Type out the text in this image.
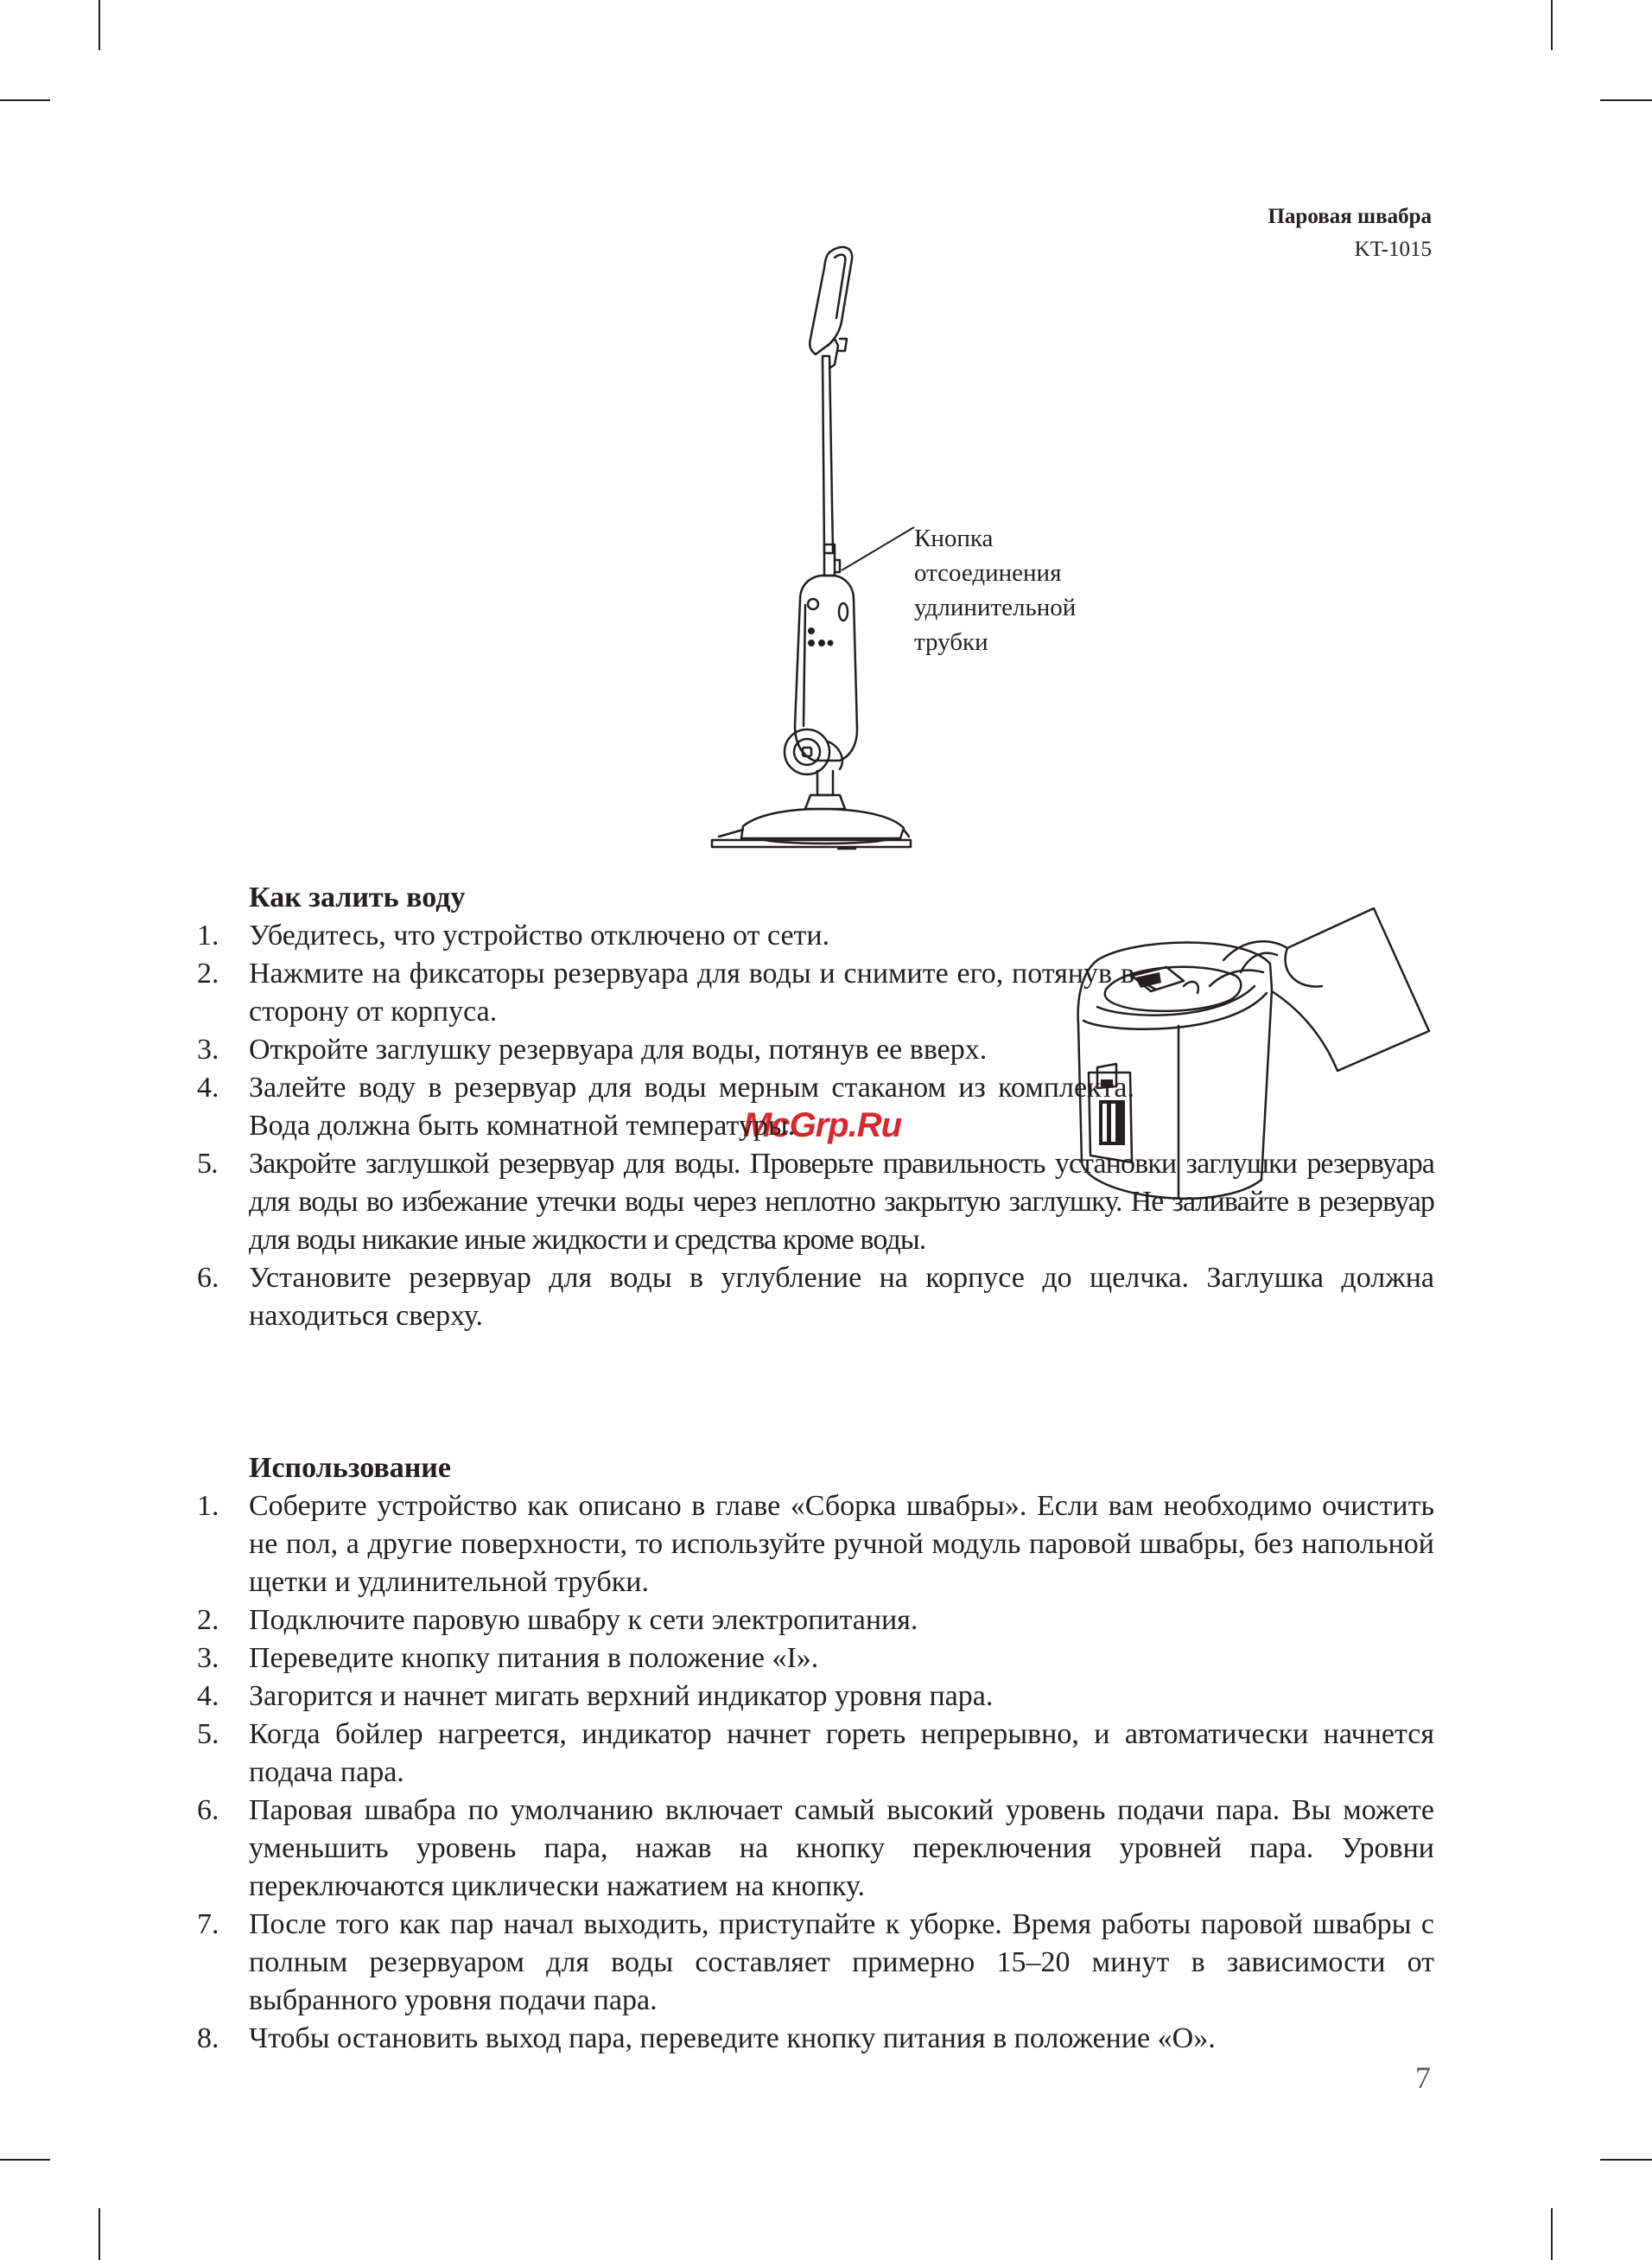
Паровая швабра
KT-1015
Кнопка
отсоединения
удлинительной
трубки
McGrp.Ru
Как залить воду
1. Убедитесь, что устройство отключено от сети.
2. Нажмите на фиксаторы резервуара для воды и снимите его, потянув в сторону от корпуса.
3. Откройте заглушку резервуара для воды, потянув ее вверх.
4. Залейте воду в резервуар для воды мерным стаканом из комплекта. Вода должна быть комнатной температуры.
5. Закройте заглушкой резервуар для воды. Проверьте правильность установки заглушки резервуара для воды во избежание утечки воды через неплотно закрытую заглушку. Не заливайте в резервуар для воды никакие иные жидкости и средства кроме воды.
6. Установите резервуар для воды в углубление на корпусе до щелчка. Заглушка должна находиться сверху.
Использование
1. Соберите устройство как описано в главе «Сборка швабры». Если вам необходимо очистить не пол, а другие поверхности, то используйте ручной модуль паровой швабры, без напольной щетки и удлинительной трубки.
2. Подключите паровую швабру к сети электропитания.
3. Переведите кнопку питания в положение «I».
4. Загорится и начнет мигать верхний индикатор уровня пара.
5. Когда бойлер нагреется, индикатор начнет гореть непрерывно, и автоматически начнется подача пара.
6. Паровая швабра по умолчанию включает самый высокий уровень подачи пара. Вы можете уменьшить уровень пара, нажав на кнопку переключения уровней пара. Уровни переключаются циклически нажатием на кнопку.
7. После того как пар начал выходить, приступайте к уборке. Время работы паровой швабры с полным резервуаром для воды составляет примерно 15–20 минут в зависимости от выбранного уровня подачи пара.
8. Чтобы остановить выход пара, переведите кнопку питания в положение «O».
7
